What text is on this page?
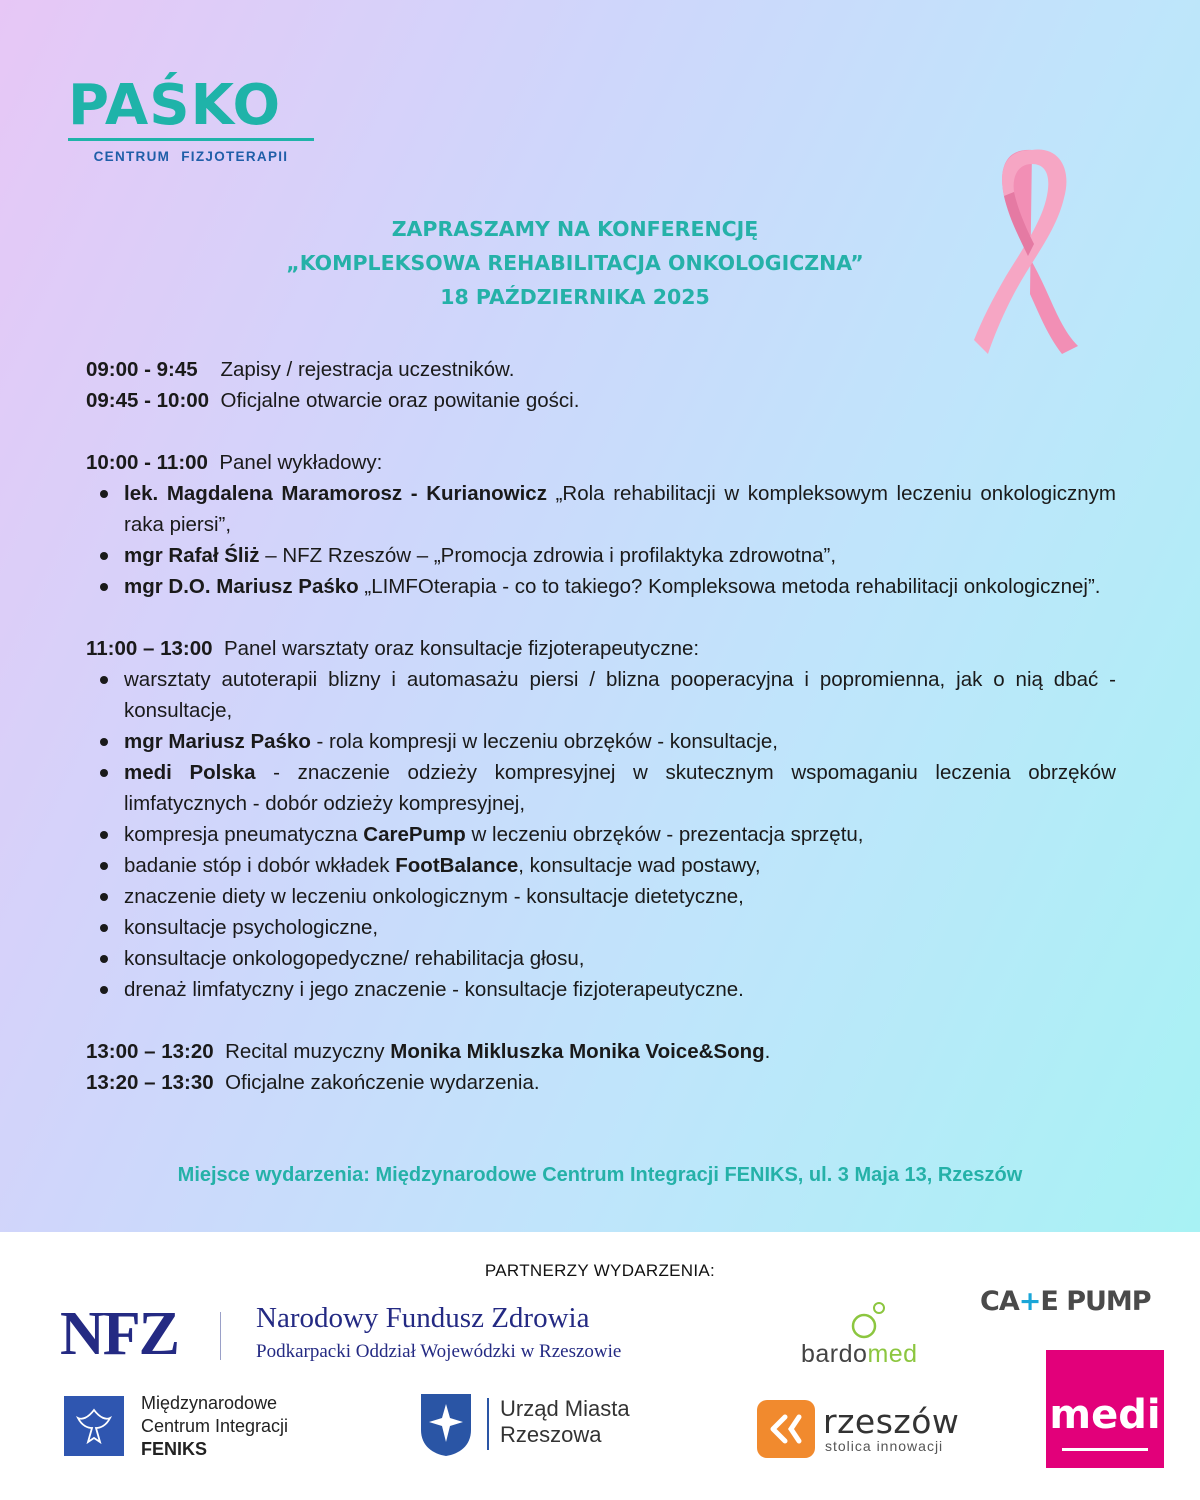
PAŚKO
CENTRUM FIZJOTERAPII
ZAPRASZAMY NA KONFERENCJĘ
„KOMPLEKSOWA REHABILITACJA ONKOLOGICZNA”
18 PAŹDZIERNIKA 2025

09:00 - 9:45 Zapisy / rejestracja uczestników.

09:45 - 10:00 Oficjalne otwarcie oraz powitanie gości.

10:00 - 11:00 Panel wykładowy:

lek. Magdalena Maramorosz - Kurianowicz „Rola rehabilitacji w kompleksowym leczeniu onkologicznym raka piersi”,
mgr Rafał Śliż – NFZ Rzeszów – „Promocja zdrowia i profilaktyka zdrowotna”,
mgr D.O. Mariusz Paśko „LIMFOterapia - co to takiego? Kompleksowa metoda rehabilitacji onkologicznej”.

11:00 – 13:00 Panel warsztaty oraz konsultacje fizjoterapeutyczne:

warsztaty autoterapii blizny i automasażu piersi / blizna pooperacyjna i popromienna, jak o nią dbać - konsultacje,
mgr Mariusz Paśko - rola kompresji w leczeniu obrzęków - konsultacje,
medi Polska - znaczenie odzieży kompresyjnej w skutecznym wspomaganiu leczenia obrzęków limfatycznych - dobór odzieży kompresyjnej,
kompresja pneumatyczna CarePump w leczeniu obrzęków - prezentacja sprzętu,
badanie stóp i dobór wkładek FootBalance, konsultacje wad postawy,
znaczenie diety w leczeniu onkologicznym - konsultacje dietetyczne,
konsultacje psychologiczne,
konsultacje onkologopedyczne/ rehabilitacja głosu,
drenaż limfatyczny i jego znaczenie - konsultacje fizjoterapeutyczne.

13:00 – 13:20 Recital muzyczny Monika Mikluszka Monika Voice&Song.

13:20 – 13:30 Oficjalne zakończenie wydarzenia.

Miejsce wydarzenia: Międzynarodowe Centrum Integracji FENIKS, ul. 3 Maja 13, Rzeszów
PARTNERZY WYDARZENIA:
NFZ	Narodowy Fundusz Zdrowia
Podkarpacki Oddział Wojewódzki w Rzeszowie	bardomed
CA+E PUMP
medi
Międzynarodowe
Centrum Integracji
FENIKS
Urząd Miasta
Rzeszowa	rzeszów
stolica innowacji
